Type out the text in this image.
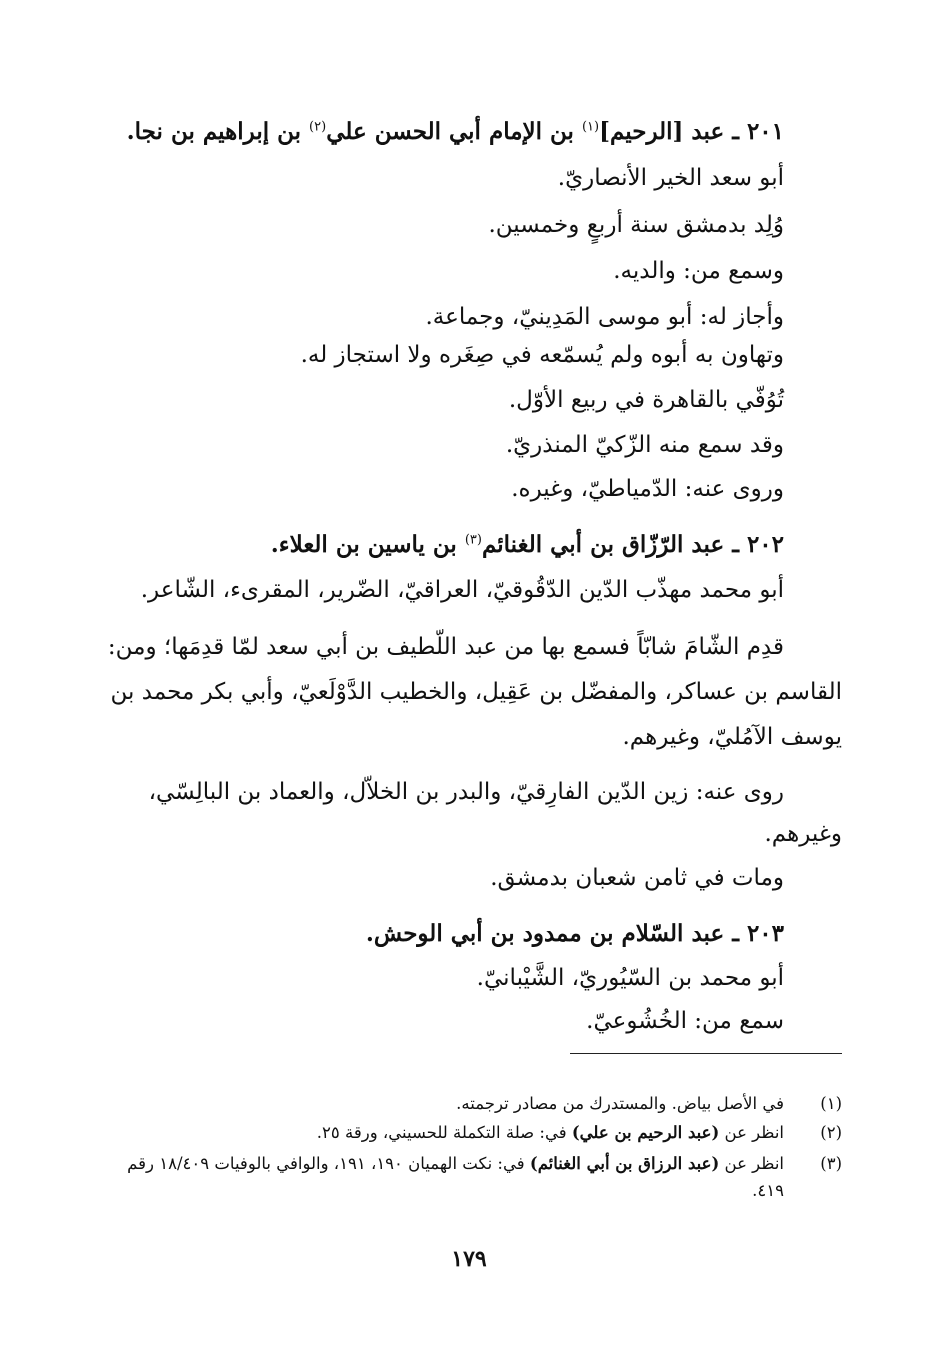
٢٠١ ـ عبد [الرحيم]$^{(١)}$ بن الإمام أبي الحسن علي$^{(٢)}$ بن إبراهيم بن نجا.
أبو سعد الخير الأنصاريّ.
وُلِد بدمشق سنة أربعٍ وخمسين.
وسمع من: والديه.
وأجاز له: أبو موسى المَدِينيّ، وجماعة.
وتهاون به أبوه ولم يُسمّعه في صِغَره ولا استجاز له.
تُوُفّي بالقاهرة في ربيع الأوّل.
وقد سمع منه الزّكيّ المنذريّ.
وروى عنه: الدّمياطيّ، وغيره.
٢٠٢ ـ عبد الرّزّاق بن أبي الغنائم$^{(٣)}$ بن ياسين بن العلاء.
أبو محمد مهذّب الدّين الدّقُوقيّ، العراقيّ، الضّرير، المقرىء، الشّاعر.
قدِم الشّامَ شابّاً فسمع بها من عبد اللّطيف بن أبي سعد لمّا قدِمَها؛ ومن:
القاسم بن عساكر، والمفضّل بن عَقِيل، والخطيب الدَّوْلَعيّ، وأبي بكر محمد بن
يوسف الآمُليّ، وغيرهم.
روى عنه: زين الدّين الفارِقيّ، والبدر بن الخلاّل، والعماد بن البالِسّي،
وغيرهم.
ومات في ثامن شعبان بدمشق.
٢٠٣ ـ عبد السّلام بن ممدود بن أبي الوحش.
أبو محمد بن السّيُوريّ، الشَّيْبانيّ.
سمع من: الخُشُوعيّ.
(١)
في الأصل بياض. والمستدرك من مصادر ترجمته.
(٢)
انظر عن (عبد الرحيم بن علي) في: صلة التكملة للحسيني، ورقة ٢٥.
(٣)
انظر عن (عبد الرزاق بن أبي الغنائم) في: نكت الهميان ١٩٠، ١٩١، والوافي بالوفيات ١٨/٤٠٩ رقم ٤١٩.
١٧٩
